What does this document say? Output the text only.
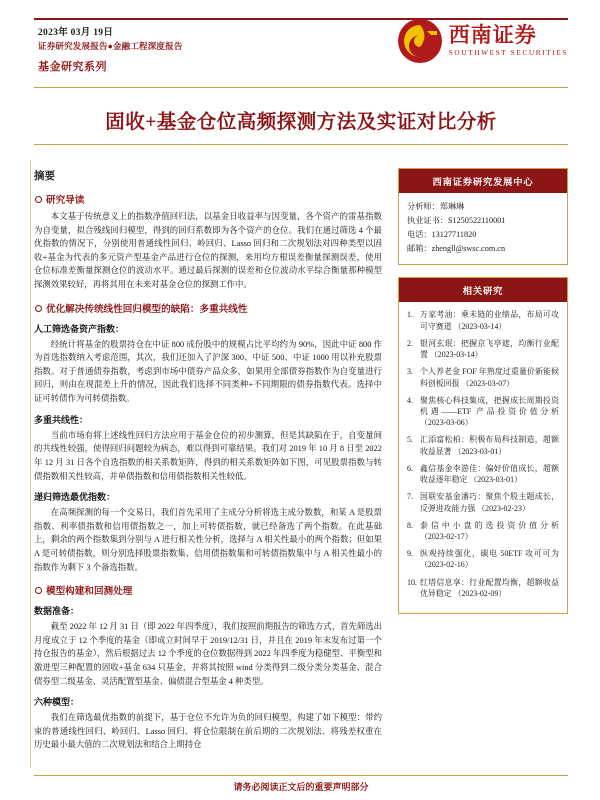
2023年 03月 19日
证券研究发展报告●金融工程深度报告
基金研究系列
西南证券
SOUTHWEST SECURITIES
固收+基金仓位高频探测方法及实证对比分析
摘要
研究导读

本文基于传统意义上的指数净值回归法，以基金日收益率与因变量，各个资产的雷基指数为自变量，拟合残线回归模型，得到的回归系数即为各个资产的仓位。我们在通过筛选 4 个最优指数的情况下，分别使用普通线性回归、岭回归、Lasso 回归和二次规划法对四种类型以固收+基金为代表的多元资产型基金产品进行仓位的探测，来用均方根误差衡量探测误差，使用仓位标准差衡量探测仓位的波动水平。通过最后探测的误差和仓位波动水平综合衡量那种模型探测效果较好，再将其用在未来对基金仓位的探测工作中。

优化解决传统线性回归模型的缺陷：多重共线性
人工筛选备资产指数：

经统计将基金的股票持仓在中证 800 成份股中的规模占比平均约为 90%，因此中证 800 作为首选指数纳入考虑范围，其次，我们还加入了沪深 300、中证 500、中证 1000 用以补充股票指数。对于普通债券指数，考虑到市场中债券产品众多，如果用全部债券指数作为自变量进行回归，则由在现混差上升的情况，因此我们选择不同类种+不同期限的债券指数代表。选择中证可转债作为可转债指数。

多重共线性：

当前市场有将上述线性回归方法应用于基金仓位的初步测算，但是其缺陷在于，自变量间的共线性较强，使得回归问题较为病态，难以得到可靠结果。我们对 2019 年 10 月 8 日至 2022 年 12 月 31 日各个自选指数的相关系数矩阵，得到的相关系数矩阵如下图，可见股票指数与转债指数相关性较高，并单债指数和信用债指数相关性较低。

递归筛选最优指数：

在高频探测的每一个交易日，我们首先采用了主成分分析将选主成分数数，和某 A 是股票指数、利率债指数和信用债指数之一，加上可转债指数，就已经备选了两个指数。在此基础上，剩余的两个指数集到分别与 A 进行相关性分析，选择与 A 相关性最小的两个指数；但如果 A 是可转债指数，则分别选择股票指数集、信用债指数集和可转债指数集中与 A 相关性最小的指数作为剩下 3 个备选指数。

模型构建和回测处理
数据准备：

截至 2022 年 12 月 31 日（即 2022 年四季度），我们按照前期报告的筛选方式，首先筛选出月度成立于 12 个季度的基金（即成立时间早于 2019/12/31 日，并且在 2019 年末发布过第一个持仓报告的基金），然后根据过去 12 个季度的仓位数据得到 2022 年四季度为稳健型、平衡型和激进型三种配置的固收+基金 634 只基金，并将其按照 wind 分类得到二级分类分类基金、混合债券型二级基金、灵活配置型基金、偏债混合型基金 4 种类型。

六种模型：

我们在筛选最优指数的前提下，基于仓位不允许为负的回归模型，构建了如下模型：带约束的普通线性回归、岭回归、Lasso 回归、将仓位限制在前后期的二次规划法、将残差权重在历史最小最大值的二次规划法和结合上期持仓

西南证券研究发展中心
分析师：郑琳琳
执业证书：S1250522110001
电话：13127711820
邮箱：zhengll@swsc.com.cn
相关研究
1. 万家考油：乘未链的业绩品，布局可攻可守赛道 （2023-03-14）
2. 银河玄珉：把握京飞亭遮，均衡行业配置 （2023-03-14）
3. 个人养老金 FOF 年熟度过重量价新能候科创板回报 （2023-03-07）
4. 聚焦核心科技集成，把握成长周期投资机遇——ETF 产品投资价值分析 （2023-03-06）
5. 汇添富松柏：积极布局科技制造，超额收益显著 （2023-03-01）
6. 鑫信基金李游佳：偏好价值成长，超额收益逐年稳定 （2023-03-01）
7. 国联安基金潘巧：聚焦个股主题成长，反弹进攻能力强 （2023-02-23）
8. 泰信中小盘的选投资价值分析 （2023-02-17）
9. 纵观持续强化，碳电 50ETF 攻可可为 （2023-02-16）
10. 红塔信息享：行业配置均衡，超额收益优异稳定 （2023-02-09）
请务必阅读正文后的重要声明部分
